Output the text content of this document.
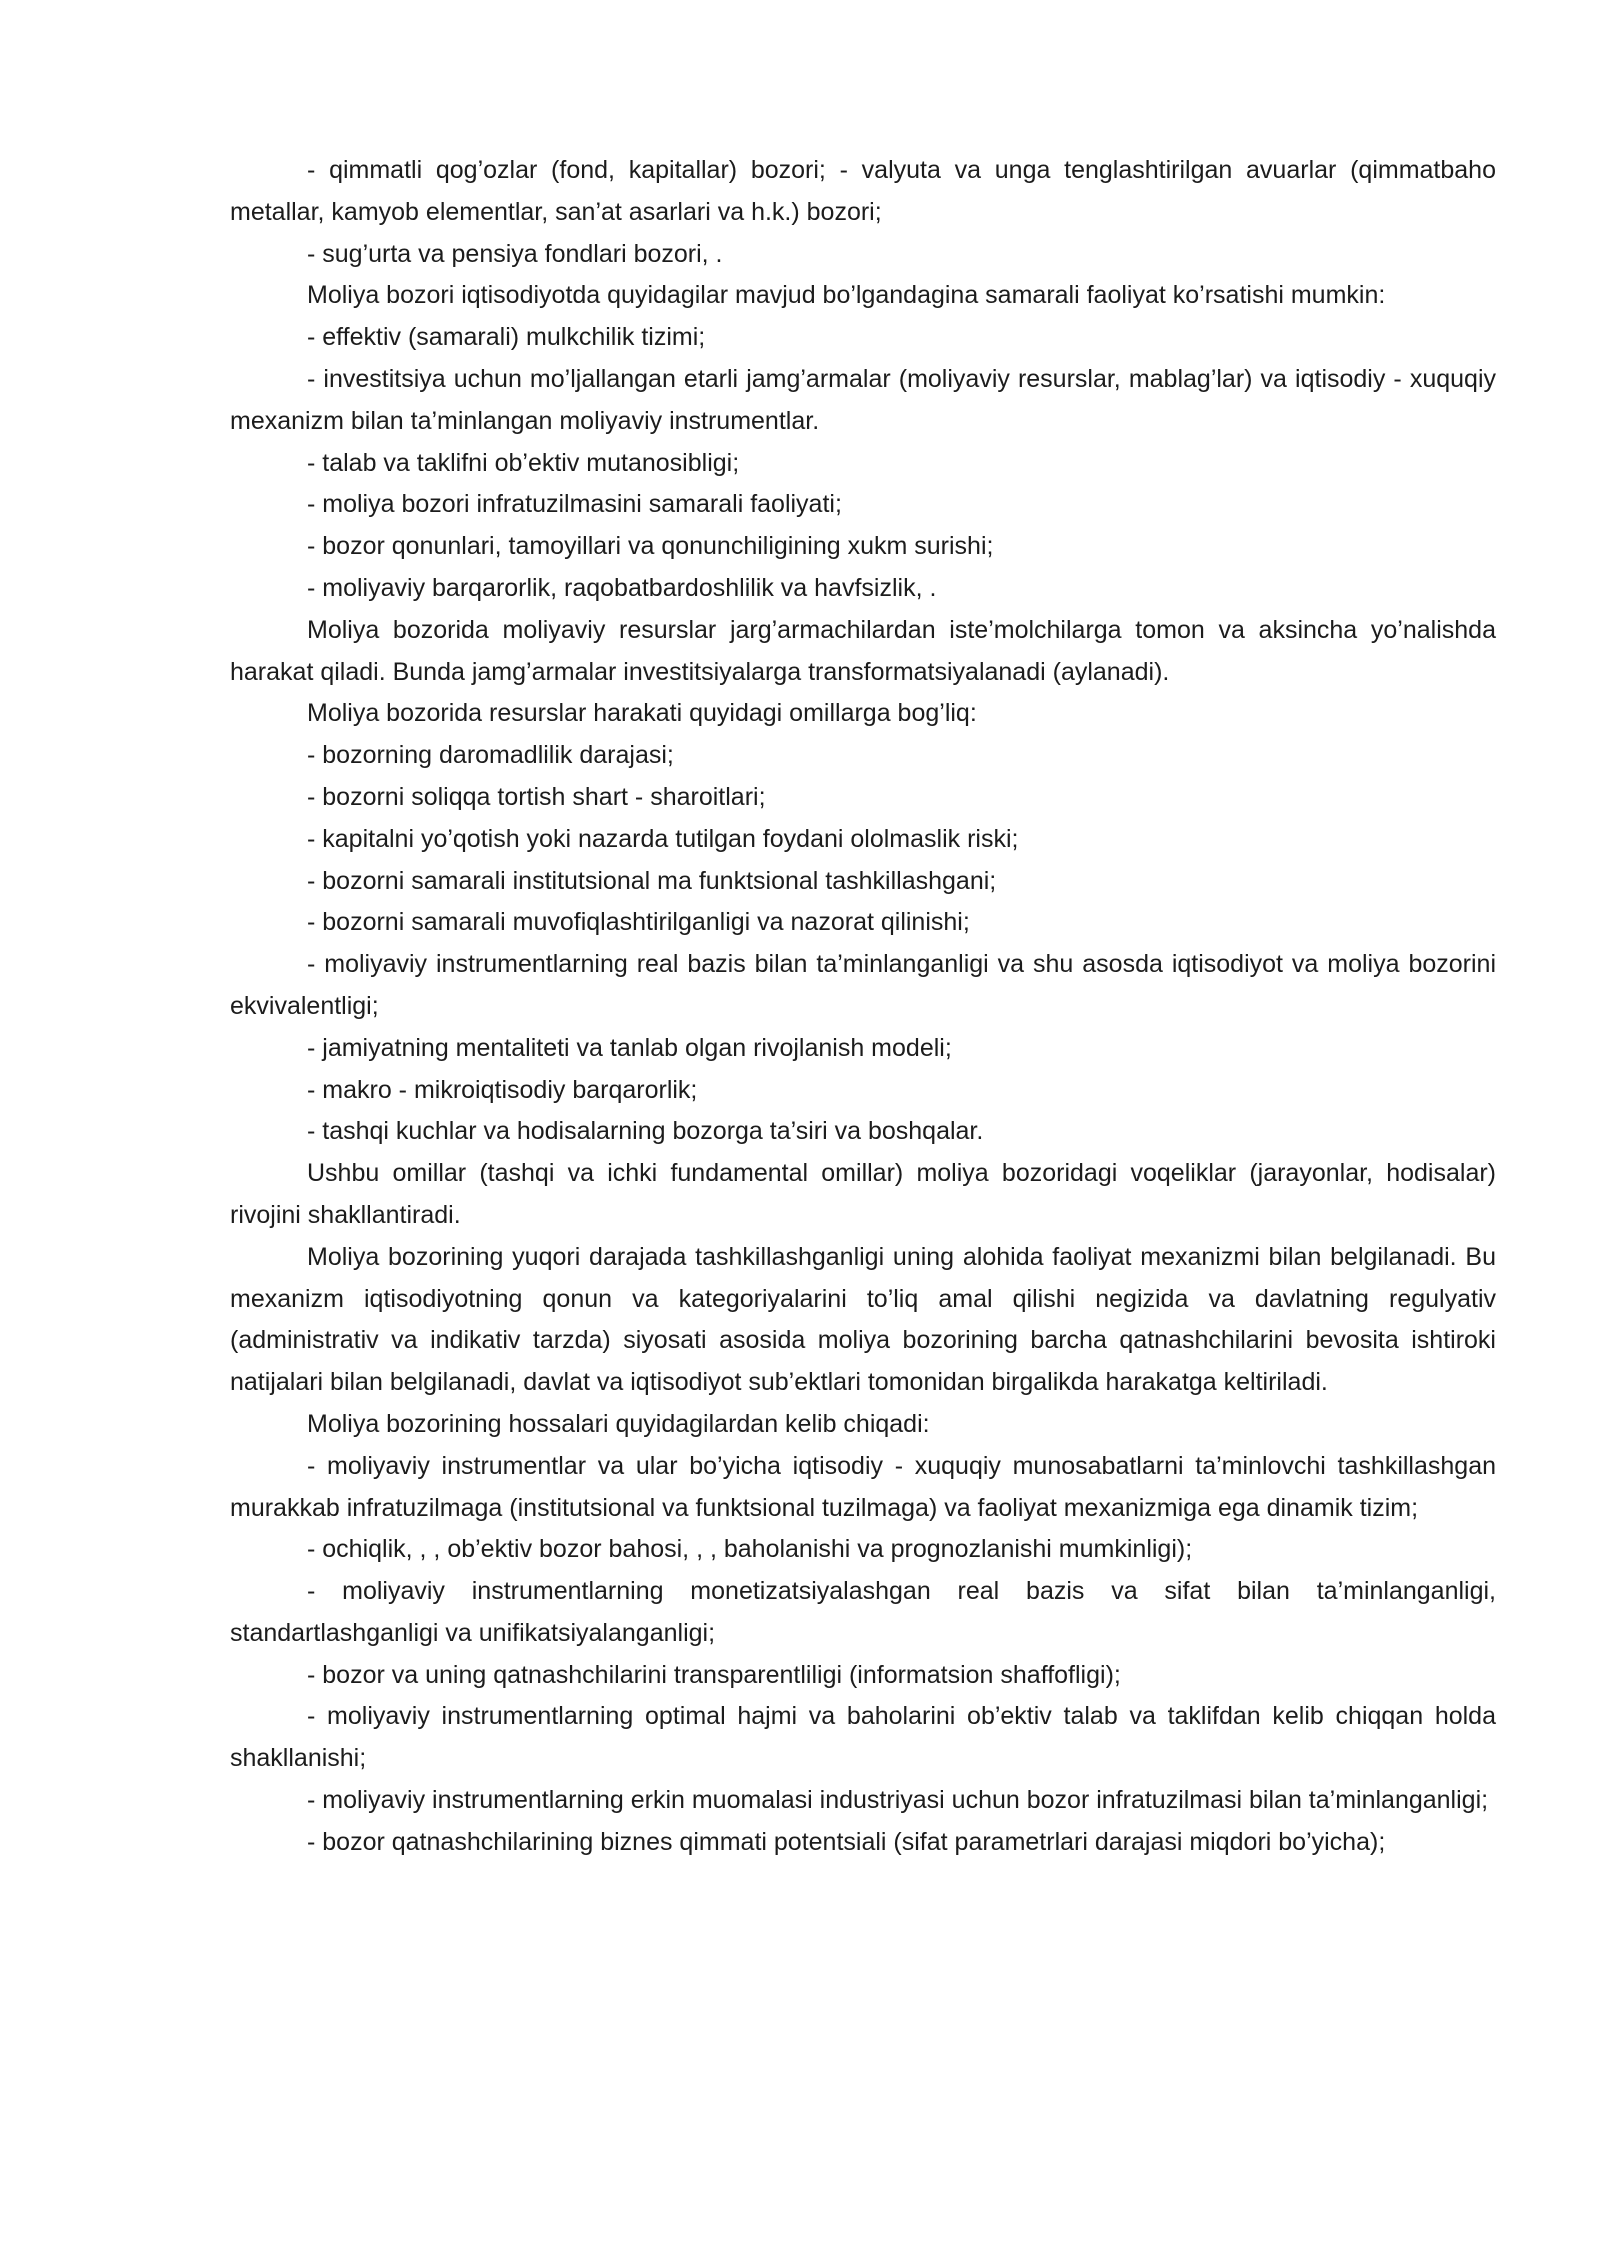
- qimmatli qog’ozlar (fond, kapitallar) bozori; - valyuta va unga tenglashtirilgan avuarlar (qimmatbaho metallar, kamyob elementlar, san’at asarlari va h.k.) bozori;

- sug’urta va pensiya fondlari bozori, .

Moliya bozori iqtisodiyotda quyidagilar mavjud bo’lgandagina samarali faoliyat ko’rsatishi mumkin:

- effektiv (samarali) mulkchilik tizimi;

- investitsiya uchun mo’ljallangan etarli jamg’armalar (moliyaviy resurslar, mablag’lar) va iqtisodiy - xuquqiy mexanizm bilan ta’minlangan moliyaviy instrumentlar.

- talab va taklifni ob’ektiv mutanosibligi;

- moliya bozori infratuzilmasini samarali faoliyati;

- bozor qonunlari, tamoyillari va qonunchiligining xukm surishi;

- moliyaviy barqarorlik, raqobatbardoshlilik va havfsizlik, .

Moliya bozorida moliyaviy resurslar jarg’armachilardan iste’molchilarga tomon va aksincha yo’nalishda harakat qiladi. Bunda jamg’armalar investitsiyalarga transformatsiyalanadi (aylanadi).

Moliya bozorida resurslar harakati quyidagi omillarga bog’liq:

- bozorning daromadlilik darajasi;

- bozorni soliqqa tortish shart - sharoitlari;

- kapitalni yo’qotish yoki nazarda tutilgan foydani ololmaslik riski;

- bozorni samarali institutsional ma funktsional tashkillashgani;

- bozorni samarali muvofiqlashtirilganligi va nazorat qilinishi;

- moliyaviy instrumentlarning real bazis bilan ta’minlanganligi va shu asosda iqtisodiyot va moliya bozorini ekvivalentligi;

- jamiyatning mentaliteti va tanlab olgan rivojlanish modeli;

- makro - mikroiqtisodiy barqarorlik;

- tashqi kuchlar va hodisalarning bozorga ta’siri va boshqalar.

Ushbu omillar (tashqi va ichki fundamental omillar) moliya bozoridagi voqeliklar (jarayonlar, hodisalar) rivojini shakllantiradi.

Moliya bozorining yuqori darajada tashkillashganligi uning alohida faoliyat mexanizmi bilan belgilanadi. Bu mexanizm iqtisodiyotning qonun va kategoriyalarini to’liq amal qilishi negizida va davlatning regulyativ (administrativ va indikativ tarzda) siyosati asosida moliya bozorining barcha qatnashchilarini bevosita ishtiroki natijalari bilan belgilanadi, davlat va iqtisodiyot sub’ektlari tomonidan birgalikda harakatga keltiriladi.

Moliya bozorining hossalari quyidagilardan kelib chiqadi:

- moliyaviy instrumentlar va ular bo’yicha iqtisodiy - xuquqiy munosabatlarni ta’minlovchi tashkillashgan murakkab infratuzilmaga (institutsional va funktsional tuzilmaga) va faoliyat mexanizmiga ega dinamik tizim;

- ochiqlik, , , ob’ektiv bozor bahosi, , , baholanishi va prognozlanishi mumkinligi);

- moliyaviy instrumentlarning monetizatsiyalashgan real bazis va sifat bilan ta’minlanganligi, standartlashganligi va unifikatsiyalanganligi;

- bozor va uning qatnashchilarini transparentliligi (informatsion shaffofligi);

- moliyaviy instrumentlarning optimal hajmi va baholarini ob’ektiv talab va taklifdan kelib chiqqan holda shakllanishi;

- moliyaviy instrumentlarning erkin muomalasi industriyasi uchun bozor infratuzilmasi bilan ta’minlanganligi;

- bozor qatnashchilarining biznes qimmati potentsiali (sifat parametrlari darajasi miqdori bo’yicha);
